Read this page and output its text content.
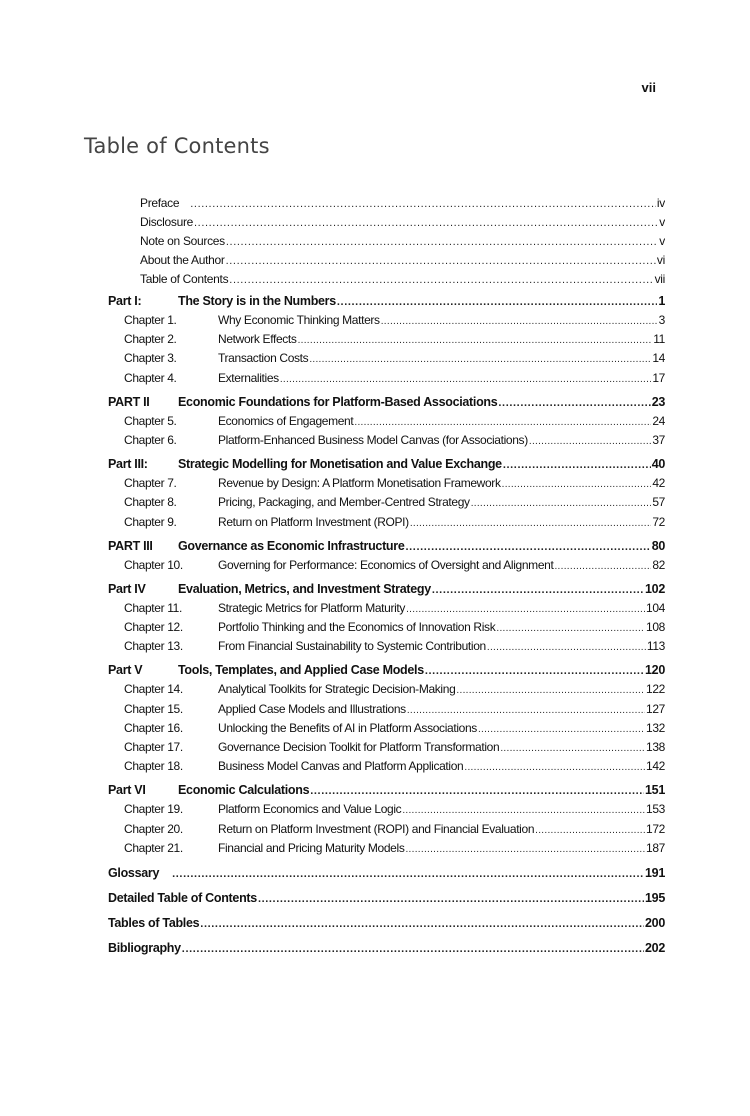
vii
Table of Contents
Preface .....	iv
Disclosure .....	v
Note on Sources .....	v
About the Author .....	vi
Table of Contents .....	vii
Part I:	The Story is in the Numbers .....	1
Chapter 1.	Why Economic Thinking Matters .....	3
Chapter 2.	Network Effects .....	11
Chapter 3.	Transaction Costs .....	14
Chapter 4.	Externalities .....	17
PART II	Economic Foundations for Platform-Based Associations .....	23
Chapter 5.	Economics of Engagement .....	24
Chapter 6.	Platform-Enhanced Business Model Canvas (for Associations) .....	37
Part III:	Strategic Modelling for Monetisation and Value Exchange .....	40
Chapter 7.	Revenue by Design: A Platform Monetisation Framework .....	42
Chapter 8.	Pricing, Packaging, and Member-Centred Strategy .....	57
Chapter 9.	Return on Platform Investment (ROPI) .....	72
PART III	Governance as Economic Infrastructure .....	80
Chapter 10.	Governing for Performance: Economics of Oversight and Alignment .....	82
Part IV	Evaluation, Metrics, and Investment Strategy .....	102
Chapter 11.	Strategic Metrics for Platform Maturity .....	104
Chapter 12.	Portfolio Thinking and the Economics of Innovation Risk .....	108
Chapter 13.	From Financial Sustainability to Systemic Contribution .....	113
Part V	Tools, Templates, and Applied Case Models .....	120
Chapter 14.	Analytical Toolkits for Strategic Decision-Making .....	122
Chapter 15.	Applied Case Models and Illustrations .....	127
Chapter 16.	Unlocking the Benefits of AI in Platform Associations .....	132
Chapter 17.	Governance Decision Toolkit for Platform Transformation .....	138
Chapter 18.	Business Model Canvas and Platform Application .....	142
Part VI	Economic Calculations .....	151
Chapter 19.	Platform Economics and Value Logic .....	153
Chapter 20.	Return on Platform Investment (ROPI) and Financial Evaluation .....	172
Chapter 21.	Financial and Pricing Maturity Models .....	187
Glossary .....	191
Detailed Table of Contents .....	195
Tables of Tables .....	200
Bibliography .....	202
